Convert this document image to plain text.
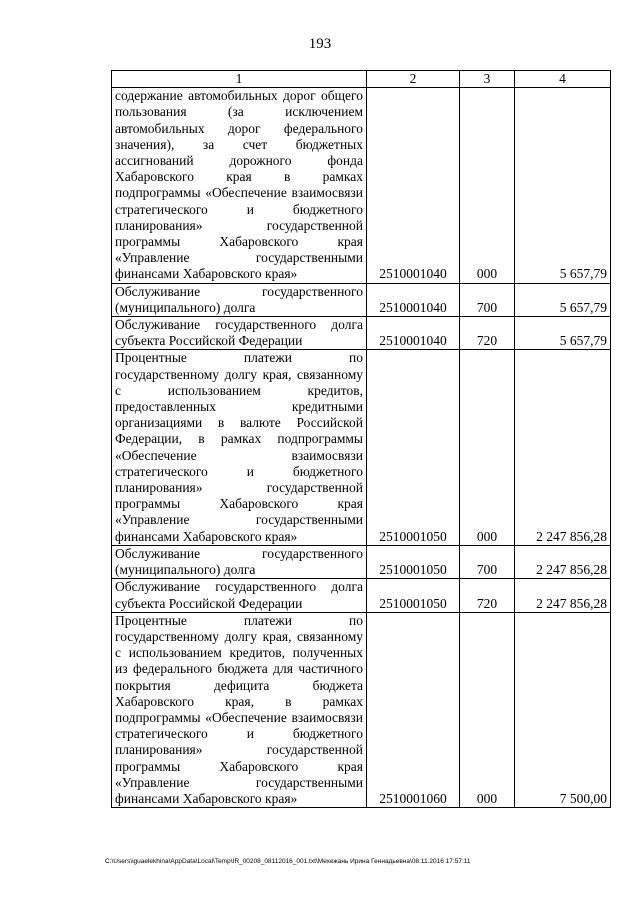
193
1	2	3	4
содержание автомобильных дорог общего пользования (за исключением автомобильных дорог федерального значения), за счет бюджетных ассигнований дорожного фонда Хабаровского края в рамках подпрограммы «Обеспечение взаимосвязи стратегического и бюджетного планирования» государственной программы Хабаровского края «Управление государственными финансами Хабаровского края»	2510001040	000	5 657,79
Обслуживание государственного (муниципального) долга	2510001040	700	5 657,79
Обслуживание государственного долга субъекта Российской Федерации	2510001040	720	5 657,79
Процентные платежи по государственному долгу края, связанному с использованием кредитов, предоставленных кредитными организациями в валюте Российской Федерации, в рамках подпрограммы «Обеспечение взаимосвязи стратегического и бюджетного планирования» государственной программы Хабаровского края «Управление государственными финансами Хабаровского края»	2510001050	000	2 247 856,28
Обслуживание государственного (муниципального) долга	2510001050	700	2 247 856,28
Обслуживание государственного долга субъекта Российской Федерации	2510001050	720	2 247 856,28
Процентные платежи по государственному долгу края, связанному с использованием кредитов, полученных из федерального бюджета для частичного покрытия дефицита бюджета Хабаровского края, в рамках подпрограммы «Обеспечение взаимосвязи стратегического и бюджетного планирования» государственной программы Хабаровского края «Управление государственными финансами Хабаровского края»	2510001060	000	7 500,00
C:\Users\iguaelekhina\AppData\Local\Temp\IR_00208_08112016_001.txt\Мехежань Ирина Геннадьевна\08.11.2016 17:57:11
